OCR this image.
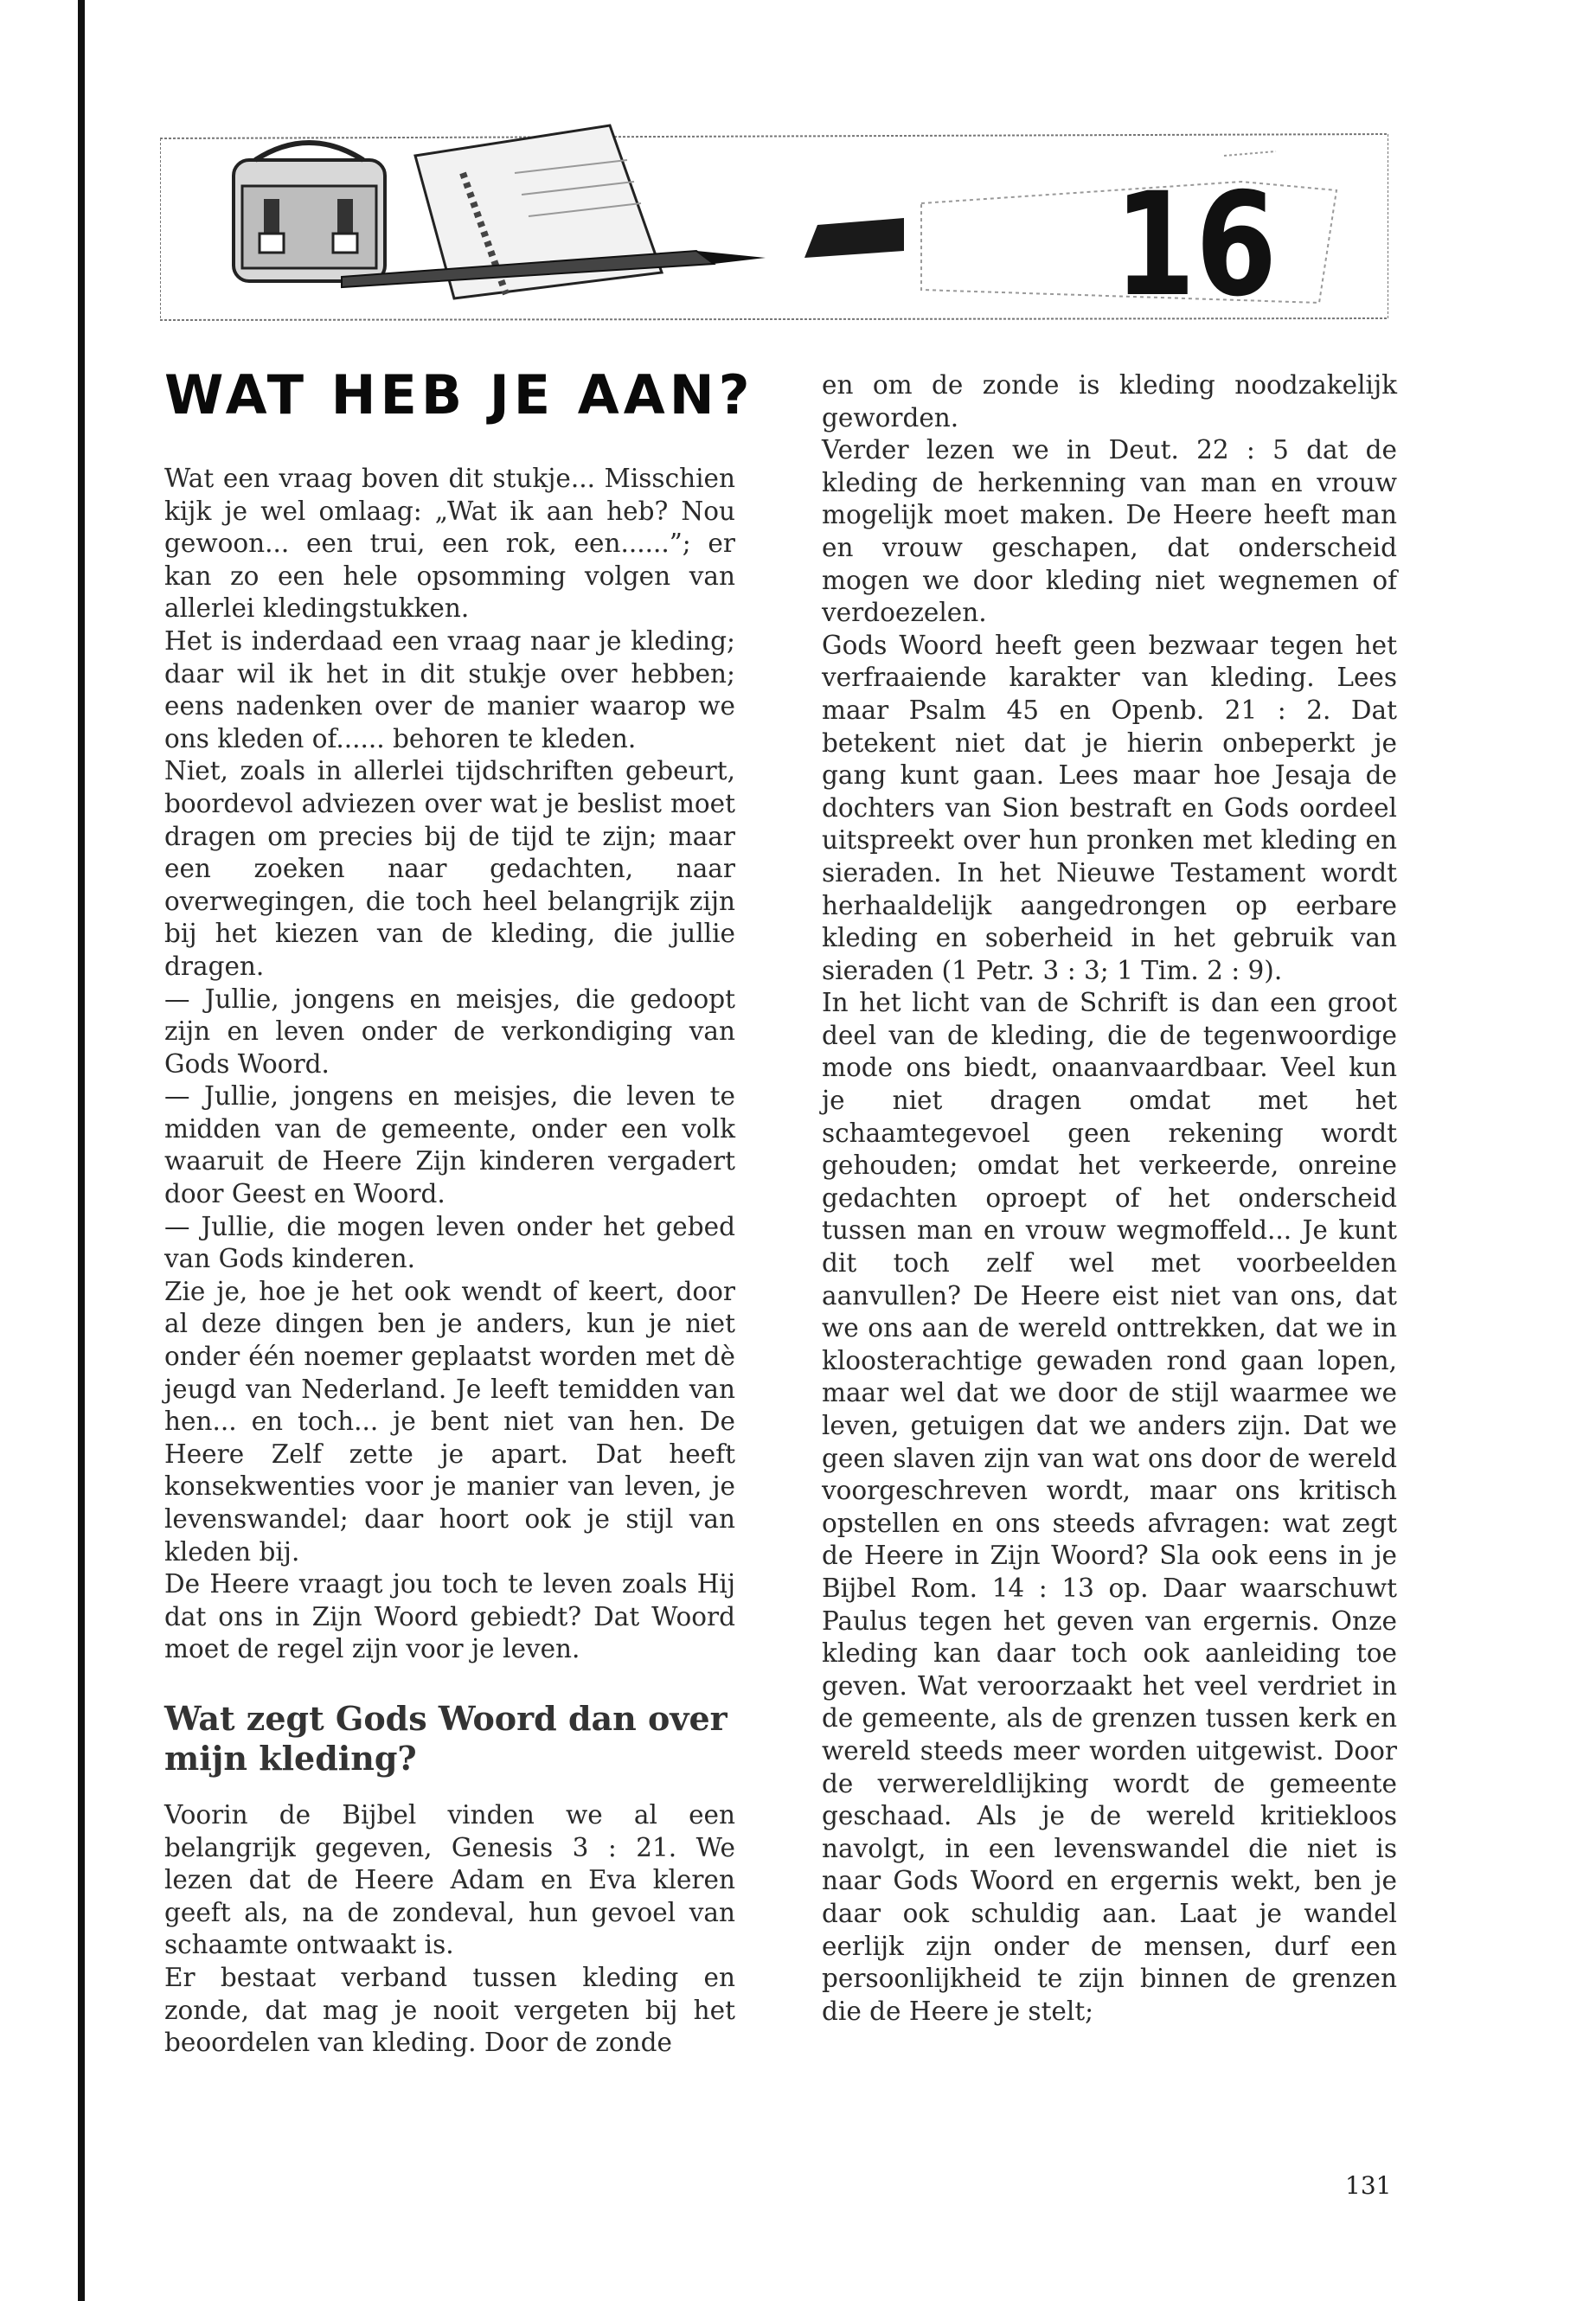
16
WAT HEB JE AAN?

Wat een vraag boven dit stukje... Misschien kijk je wel omlaag: „Wat ik aan heb? Nou gewoon... een trui, een rok, een......”; er kan zo een hele opsomming volgen van allerlei kledingstukken.

Het is inderdaad een vraag naar je kleding; daar wil ik het in dit stukje over hebben; eens nadenken over de manier waarop we ons kleden of...... behoren te kleden.

Niet, zoals in allerlei tijdschriften gebeurt, boordevol adviezen over wat je beslist moet dragen om precies bij de tijd te zijn; maar een zoeken naar gedachten, naar overwegingen, die toch heel belangrijk zijn bij het kiezen van de kleding, die jullie dragen.

— Jullie, jongens en meisjes, die gedoopt zijn en leven onder de verkondiging van Gods Woord.

— Jullie, jongens en meisjes, die leven te midden van de gemeente, onder een volk waaruit de Heere Zijn kinderen vergadert door Geest en Woord.

— Jullie, die mogen leven onder het gebed van Gods kinderen.

Zie je, hoe je het ook wendt of keert, door al deze dingen ben je anders, kun je niet onder één noemer geplaatst worden met dè jeugd van Nederland. Je leeft temidden van hen... en toch... je bent niet van hen. De Heere Zelf zette je apart. Dat heeft konsekwenties voor je manier van leven, je levenswandel; daar hoort ook je stijl van kleden bij.

De Heere vraagt jou toch te leven zoals Hij dat ons in Zijn Woord gebiedt? Dat Woord moet de regel zijn voor je leven.

Wat zegt Gods Woord dan over mijn kleding?

Voorin de Bijbel vinden we al een belangrijk gegeven, Genesis 3 : 21. We lezen dat de Heere Adam en Eva kleren geeft als, na de zondeval, hun gevoel van schaamte ontwaakt is.

Er bestaat verband tussen kleding en zonde, dat mag je nooit vergeten bij het beoordelen van kleding. Door de zonde

en om de zonde is kleding noodzakelijk geworden.

Verder lezen we in Deut. 22 : 5 dat de kleding de herkenning van man en vrouw mogelijk moet maken. De Heere heeft man en vrouw geschapen, dat onderscheid mogen we door kleding niet wegnemen of verdoezelen.

Gods Woord heeft geen bezwaar tegen het verfraaiende karakter van kleding. Lees maar Psalm 45 en Openb. 21 : 2. Dat betekent niet dat je hierin onbeperkt je gang kunt gaan. Lees maar hoe Jesaja de dochters van Sion bestraft en Gods oordeel uitspreekt over hun pronken met kleding en sieraden. In het Nieuwe Testament wordt herhaaldelijk aangedrongen op eerbare kleding en soberheid in het gebruik van sieraden (1 Petr. 3 : 3; 1 Tim. 2 : 9).

In het licht van de Schrift is dan een groot deel van de kleding, die de tegenwoordige mode ons biedt, onaanvaardbaar. Veel kun je niet dragen omdat met het schaamtegevoel geen rekening wordt gehouden; omdat het verkeerde, onreine gedachten oproept of het onderscheid tussen man en vrouw wegmoffeld... Je kunt dit toch zelf wel met voorbeelden aanvullen? De Heere eist niet van ons, dat we ons aan de wereld onttrekken, dat we in kloosterachtige gewaden rond gaan lopen, maar wel dat we door de stijl waarmee we leven, getuigen dat we anders zijn. Dat we geen slaven zijn van wat ons door de wereld voorgeschreven wordt, maar ons kritisch opstellen en ons steeds afvragen: wat zegt de Heere in Zijn Woord? Sla ook eens in je Bijbel Rom. 14 : 13 op. Daar waarschuwt Paulus tegen het geven van ergernis. Onze kleding kan daar toch ook aanleiding toe geven. Wat veroorzaakt het veel verdriet in de gemeente, als de grenzen tussen kerk en wereld steeds meer worden uitgewist. Door de verwereldlijking wordt de gemeente geschaad. Als je de wereld kritiekloos navolgt, in een levenswandel die niet is naar Gods Woord en ergernis wekt, ben je daar ook schuldig aan. Laat je wandel eerlijk zijn onder de mensen, durf een persoonlijkheid te zijn binnen de grenzen die de Heere je stelt;

131
